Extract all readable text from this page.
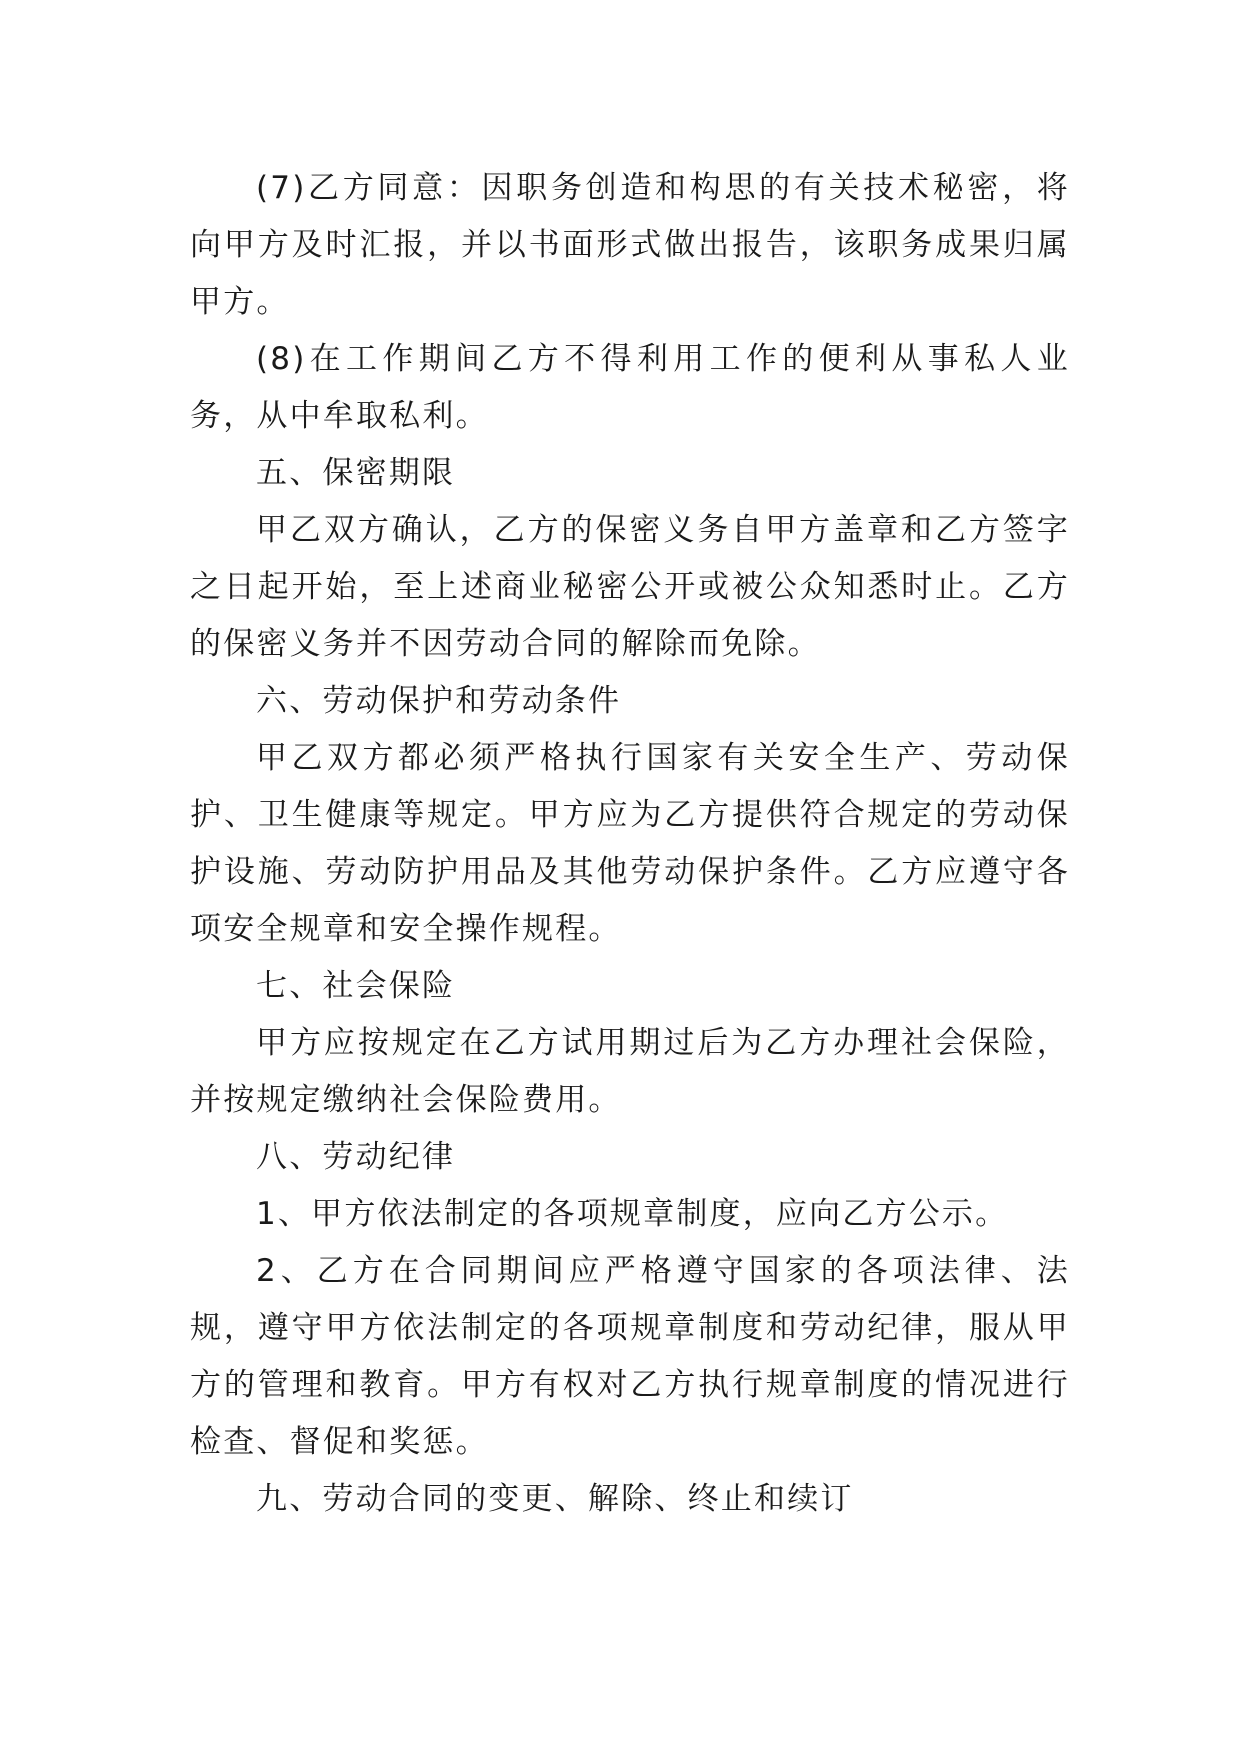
(7)乙方同意：因职务创造和构思的有关技术秘密，将向甲方及时汇报，并以书面形式做出报告，该职务成果归属甲方。

(8)在工作期间乙方不得利用工作的便利从事私人业务，从中牟取私利。

五、保密期限

甲乙双方确认，乙方的保密义务自甲方盖章和乙方签字之日起开始，至上述商业秘密公开或被公众知悉时止。乙方的保密义务并不因劳动合同的解除而免除。

六、劳动保护和劳动条件

甲乙双方都必须严格执行国家有关安全生产、劳动保护、卫生健康等规定。甲方应为乙方提供符合规定的劳动保护设施、劳动防护用品及其他劳动保护条件。乙方应遵守各项安全规章和安全操作规程。

七、社会保险

甲方应按规定在乙方试用期过后为乙方办理社会保险，并按规定缴纳社会保险费用。

八、劳动纪律

1、甲方依法制定的各项规章制度，应向乙方公示。

2、乙方在合同期间应严格遵守国家的各项法律、法规，遵守甲方依法制定的各项规章制度和劳动纪律，服从甲方的管理和教育。甲方有权对乙方执行规章制度的情况进行检查、督促和奖惩。

九、劳动合同的变更、解除、终止和续订
